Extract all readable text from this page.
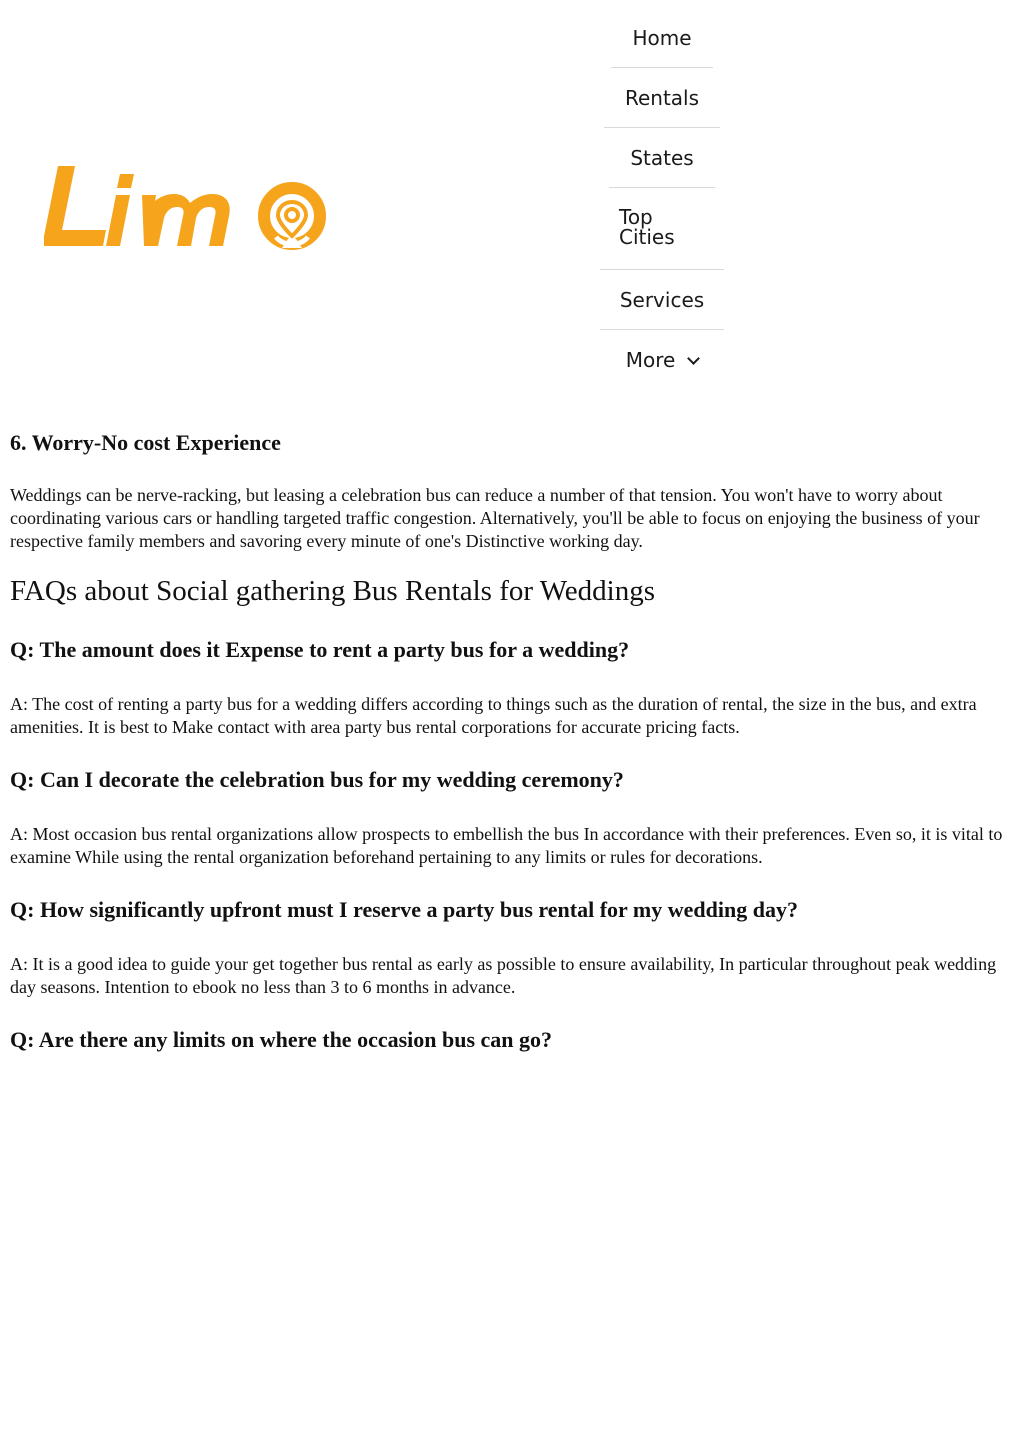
Home
Rentals
States
Top
Cities
Services
More
6. Worry-No cost Experience

Weddings can be nerve-racking, but leasing a celebration bus can reduce a number of that tension. You won't have to worry about coordinating various cars or handling targeted traffic congestion. Alternatively, you'll be able to focus on enjoying the business of your respective family members and savoring every minute of one's Distinctive working day.

FAQs about Social gathering Bus Rentals for Weddings
Q: The amount does it Expense to rent a party bus for a wedding?

A: The cost of renting a party bus for a wedding differs according to things such as the duration of rental, the size in the bus, and extra amenities. It is best to Make contact with area party bus rental corporations for accurate pricing facts.

Q: Can I decorate the celebration bus for my wedding ceremony?

A: Most occasion bus rental organizations allow prospects to embellish the bus In accordance with their preferences. Even so, it is vital to examine While using the rental organization beforehand pertaining to any limits or rules for decorations.

Q: How significantly upfront must I reserve a party bus rental for my wedding day?

A: It is a good idea to guide your get together bus rental as early as possible to ensure availability, In particular throughout peak wedding day seasons. Intention to ebook no less than 3 to 6 months in advance.

Q: Are there any limits on where the occasion bus can go?
